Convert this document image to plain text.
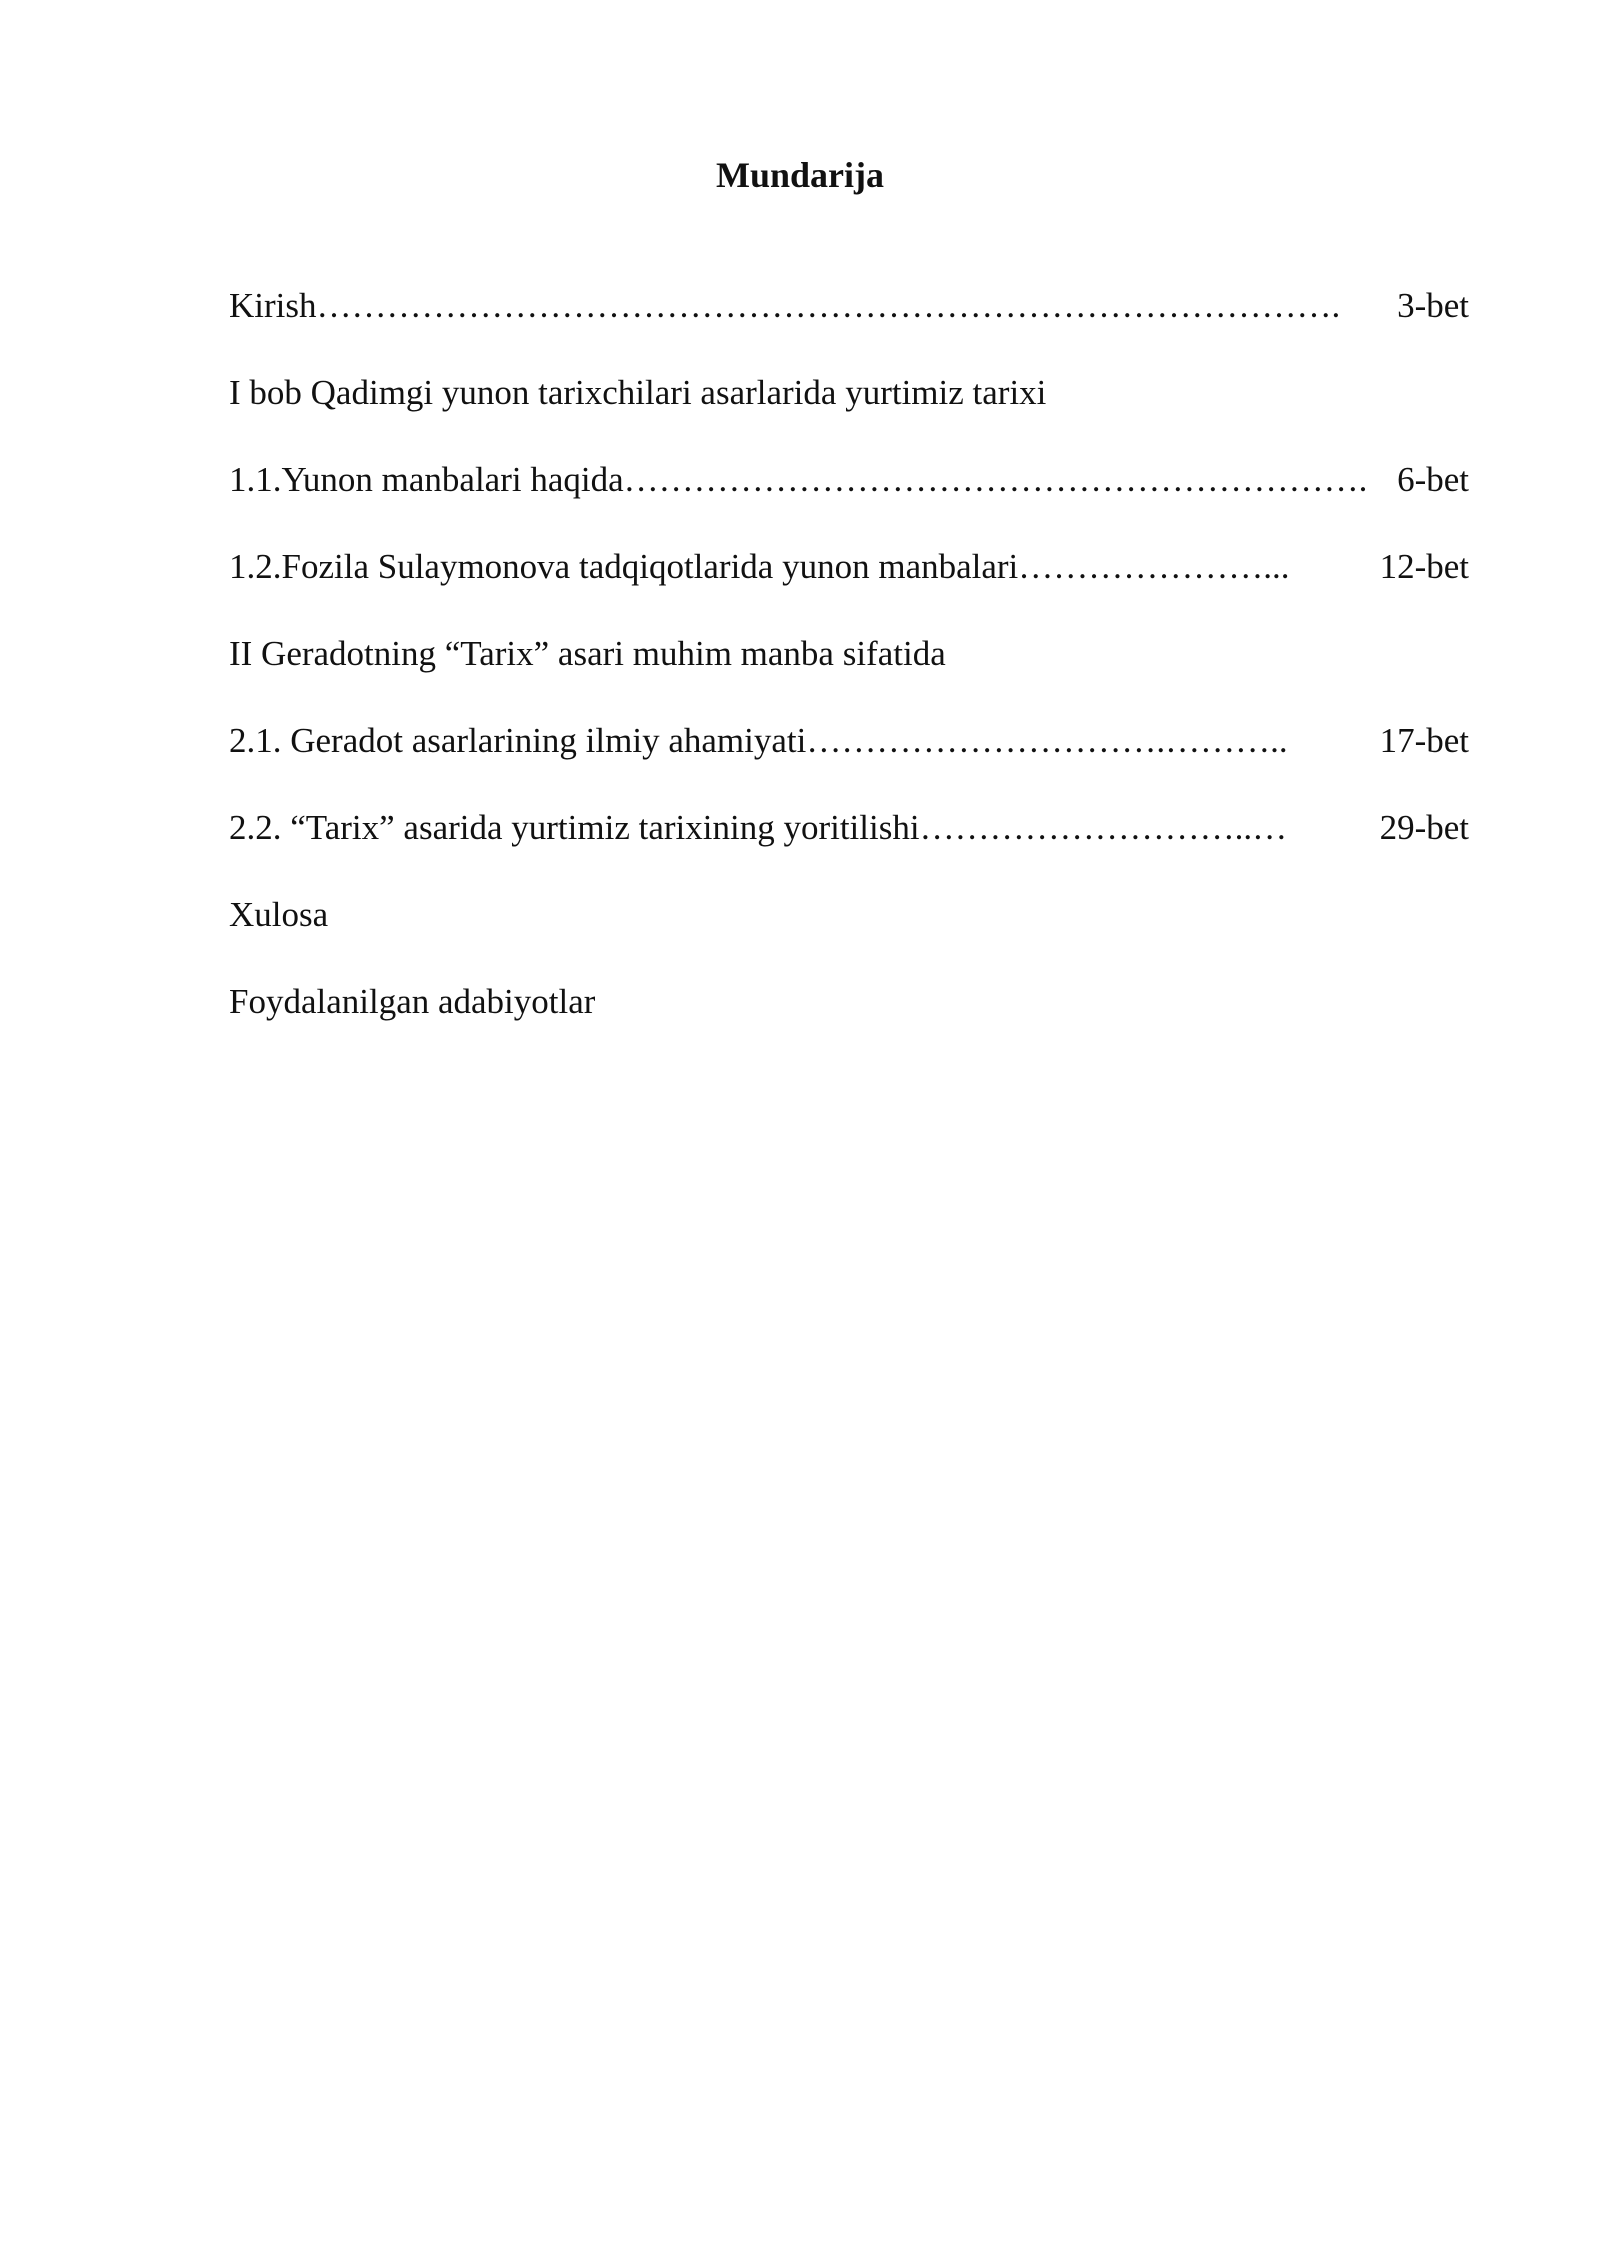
Mundarija
Kirish …………………………………………………………………………….	3-bet
I bob Qadimgi yunon tarixchilari asarlarida yurtimiz tarixi
1.1.Yunon manbalari haqida ………………………………………………………. 6-bet
1.2.Fozila Sulaymonova tadqiqotlarida yunon manbalari …………………...	12-bet
II Geradotning “Tarix” asari muhim manba sifatida
2.1. Geradot asarlarining ilmiy ahamiyati ………………………….………..	17-bet
2.2. “Tarix” asarida yurtimiz tarixining yoritilishi ………………………..…	29-bet
Xulosa
Foydalanilgan adabiyotlar
